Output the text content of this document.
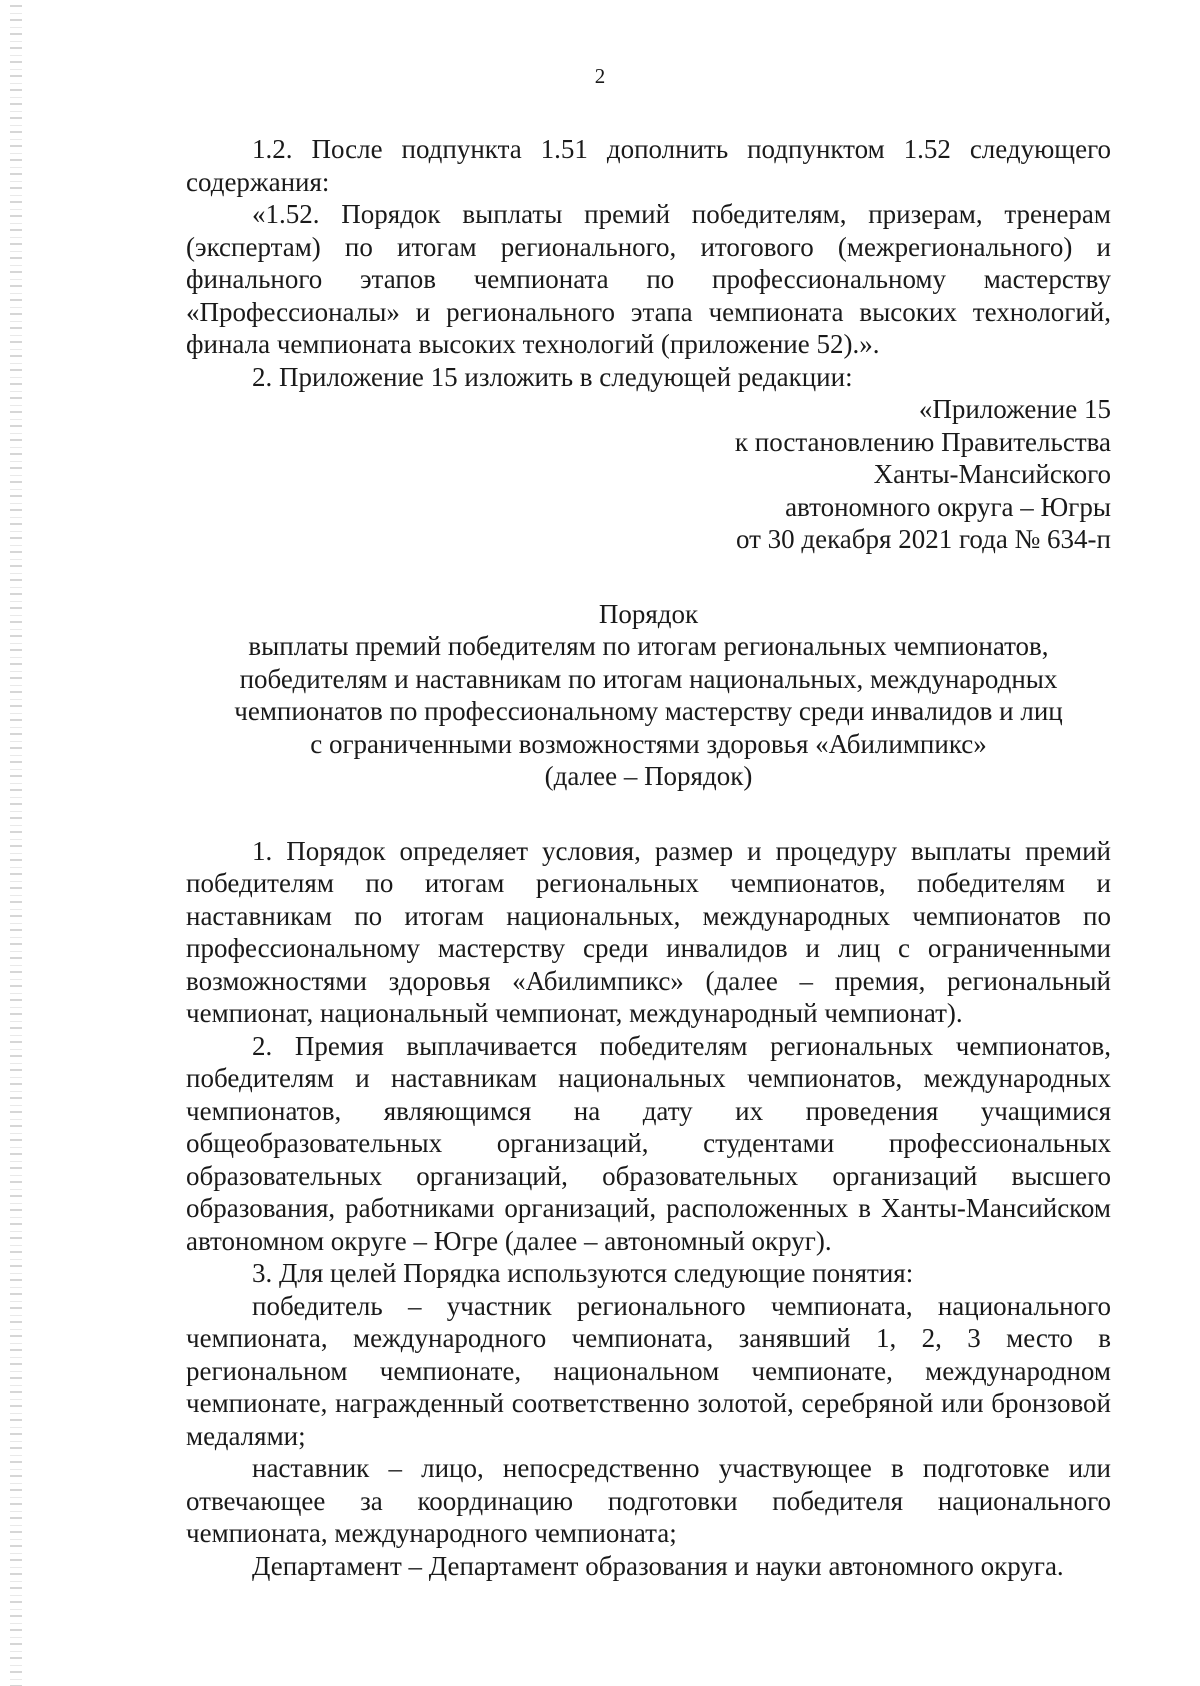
2

1.2. После подпункта 1.51 дополнить подпунктом 1.52 следующего содержания:

«1.52. Порядок выплаты премий победителям, призерам, тренерам (экспертам) по итогам регионального, итогового (межрегионального) и финального этапов чемпионата по профессиональному мастерству «Профессионалы» и регионального этапа чемпионата высоких технологий, финала чемпионата высоких технологий (приложение 52).».

2. Приложение 15 изложить в следующей редакции:

«Приложение 15
к постановлению Правительства
Ханты-Мансийского
автономного округа – Югры
от 30 декабря 2021 года № 634-п
Порядок
выплаты премий победителям по итогам региональных чемпионатов,
победителям и наставникам по итогам национальных, международных
чемпионатов по профессиональному мастерству среди инвалидов и лиц
с ограниченными возможностями здоровья «Абилимпикс»
(далее – Порядок)

1. Порядок определяет условия, размер и процедуру выплаты премий победителям по итогам региональных чемпионатов, победителям и наставникам по итогам национальных, международных чемпионатов по профессиональному мастерству среди инвалидов и лиц с ограниченными возможностями здоровья «Абилимпикс» (далее – премия, региональный чемпионат, национальный чемпионат, международный чемпионат).

2. Премия выплачивается победителям региональных чемпионатов, победителям и наставникам национальных чемпионатов, международных чемпионатов, являющимся на дату их проведения учащимися общеобразовательных организаций, студентами профессиональных образовательных организаций, образовательных организаций высшего образования, работниками организаций, расположенных в Ханты-Мансийском автономном округе – Югре (далее – автономный округ).

3. Для целей Порядка используются следующие понятия:

победитель – участник регионального чемпионата, национального чемпионата, международного чемпионата, занявший 1, 2, 3 место в региональном чемпионате, национальном чемпионате, международном чемпионате, награжденный соответственно золотой, серебряной или бронзовой медалями;

наставник – лицо, непосредственно участвующее в подготовке или отвечающее за координацию подготовки победителя национального чемпионата, международного чемпионата;

Департамент – Департамент образования и науки автономного округа.
